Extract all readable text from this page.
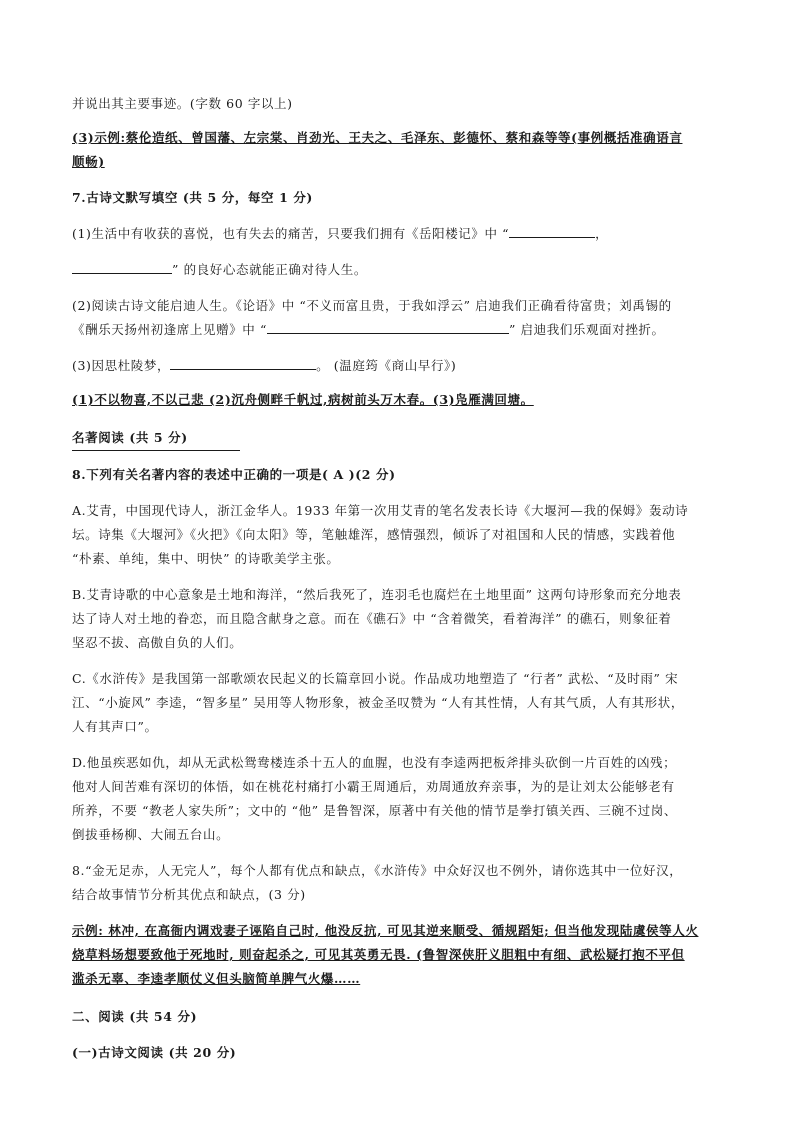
并说出其主要事迹。(字数 60 字以上)

(3)示例:蔡伦造纸、曾国藩、左宗棠、肖劲光、王夫之、毛泽东、彭德怀、蔡和森等等(事例概括准确语言

顺畅)

7.古诗文默写填空 (共 5 分，每空 1 分)

(1)生活中有收获的喜悦，也有失去的痛苦，只要我们拥有《岳阳楼记》中 “	，

” 的良好心态就能正确对待人生。

(2)阅读古诗文能启迪人生。《论语》中 “不义而富且贵，于我如浮云” 启迪我们正确看待富贵；刘禹锡的

《酬乐天扬州初逢席上见赠》中 “	” 启迪我们乐观面对挫折。

(3)因思杜陵梦，	。 (温庭筠《商山早行》)

(1)不以物喜,不以己悲 (2)沉舟侧畔千帆过,病树前头万木春。(3)凫雁满回塘。

名著阅读 (共 5 分)

8.下列有关名著内容的表述中正确的一项是( A )(2 分)

A.艾青，中国现代诗人，浙江金华人。1933 年第一次用艾青的笔名发表长诗《大堰河—我的保姆》轰动诗
坛。诗集《大堰河》《火把》《向太阳》等，笔触雄浑，感情强烈，倾诉了对祖国和人民的情感，实践着他
“朴素、单纯，集中、明快” 的诗歌美学主张。

B.艾青诗歌的中心意象是土地和海洋，“然后我死了，连羽毛也腐烂在土地里面” 这两句诗形象而充分地表
达了诗人对土地的眷恋，而且隐含献身之意。而在《礁石》中 “含着微笑，看着海洋” 的礁石，则象征着
坚忍不拔、高傲自负的人们。

C.《水浒传》是我国第一部歌颂农民起义的长篇章回小说。作品成功地塑造了 “行者” 武松、“及时雨” 宋
江、“小旋风” 李逵，“智多星” 吴用等人物形象，被金圣叹赞为 “人有其性情，人有其气质，人有其形状，
人有其声口”。

D.他虽疾恶如仇，却从无武松鸳鸯楼连杀十五人的血腥，也没有李逵两把板斧排头砍倒一片百姓的凶残；
他对人间苦难有深切的体悟，如在桃花村痛打小霸王周通后，劝周通放弃亲事，为的是让刘太公能够老有
所养，不要 “教老人家失所”；文中的 “他” 是鲁智深，原著中有关他的情节是拳打镇关西、三碗不过岗、
倒拔垂杨柳、大闹五台山。

8.“金无足赤，人无完人”，每个人都有优点和缺点，《水浒传》中众好汉也不例外，请你选其中一位好汉，
结合故事情节分析其优点和缺点，(3 分)

示例: 林冲, 在高衙内调戏妻子诬陷自己时, 他没反抗, 可见其逆来顺受、循规蹈矩; 但当他发现陆虞侯等人火
烧草料场想要致他于死地时, 则奋起杀之, 可见其英勇无畏. (鲁智深侠肝义胆粗中有细、武松疑打抱不平但
滥杀无辜、李逵孝顺仗义但头脑简单脾气火爆……

二、阅读 (共 54 分)

(一)古诗文阅读 (共 20 分)
